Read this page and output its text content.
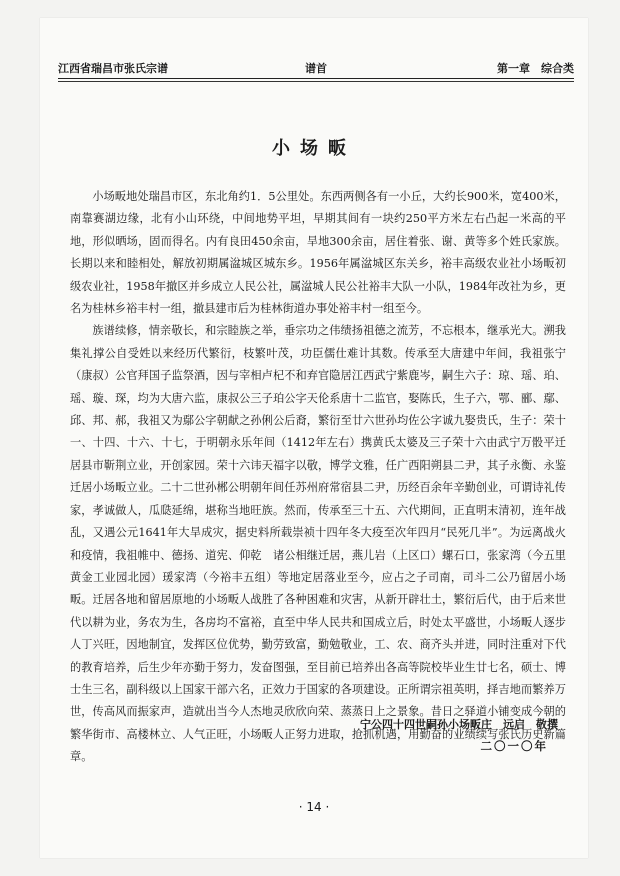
江西省瑞昌市张氏宗谱	谱首	第一章　综合类
小场畈

小场畈地处瑞昌市区，东北角约1．5公里处。东西两侧各有一小丘，大约长900米，宽400米，南靠赛湖边缘，北有小山环绕，中间地势平坦，早期其间有一块约250平方米左右凸起一米高的平地，形似晒场，固而得名。内有良田450余亩，旱地300余亩，居住着张、谢、黄等多个姓氏家族。长期以来和睦相处，解放初期属湓城区城东乡。1956年属湓城区东关乡，裕丰高级农业社小场畈初级农业社，1958年撤区并乡成立人民公社，属湓城人民公社裕丰大队一小队，1984年改社为乡，更名为桂林乡裕丰村一组，撤县建市后为桂林街道办事处裕丰村一组至今。

族谱续修，情亲敬长，和宗睦族之举，垂宗功之伟绩扬祖德之流芳，不忘根本，继承光大。溯我集礼撑公自受姓以来经历代繁衍，枝繁叶茂，功臣儒仕难计其数。传承至大唐建中年间，我祖张宁（康叔）公官拜国子监祭酒，因与宰相卢杞不和弃官隐居江西武宁紫鹿岑，嗣生六子：琼、瑶、珀、瑶、璇、琛，均为大唐六监，康叔公三子珀公字天伦系唐十二监官，娶陈氏，生子六，鄂、郦、鄢、邱、邦、郝，我祖又为鄢公字朝献之孙俐公后裔，繁衍至廿六世孙均佐公字诚九娶贵氏，生子：荣十一、十四、十六、十七，于明朝永乐年间（1412年左右）携黄氏太婆及三子荣十六由武宁万骰平迁居县市靳荆立业，开创家园。荣十六讳天福字以敬，博学文雅，任广西阳朔县二尹，其子永衡、永鉴迁居小场畈立业。二十二世孙郴公明朝年间任苏州府常宿县二尹，历经百余年辛勤创业，可谓诗礼传家，孝诚做人，瓜瓞延绵，堪称当地旺族。然而，传承至三十五、六代期间，正直明末清初，连年战乱，又遇公元1641年大旱成灾，据史料所载崇祯十四年冬大疫至次年四月“民死几半”。为远离战火和疫情，我祖帷中、德扬、道宪、仰乾　诸公相继迁居，燕儿岩（上区口）螺石口，张家湾（今五里黄金工业园北园）瑗家湾（今裕丰五组）等地定居落业至今，应占之子司南，司斗二公乃留居小场畈。迁居各地和留居原地的小场畈人战胜了各种困难和灾害，从新开辟壮土，繁衍后代，由于后来世代以耕为业，务农为生，各房均不富裕，直至中华人民共和国成立后，时处太平盛世，小场畈人逐步人丁兴旺，因地制宜，发挥区位优势，勤劳致富，勤勉敬业，工、农、商齐头并进，同时注重对下代的教育培养，后生少年亦勤于努力，发奋图强，至目前已培养出各高等院校毕业生廿七名，硕士、博士生三名，副科级以上国家干部六名，正效力于国家的各项建设。正所谓宗祖英明，择吉地而繁养万世，传高风而振家声，造就出当今人杰地灵欣欣向荣、蒸蒸日上之景象。昔日之驿道小铺变成今朝的繁华街市、高楼林立、人气正旺，小场畈人正努力进取，抢抓机遇，用勤奋的业绩续写张氏历史新篇章。

宁公四十四世嗣孙小场畈庄　远启　敬撰
二〇一〇年
· 14 ·
